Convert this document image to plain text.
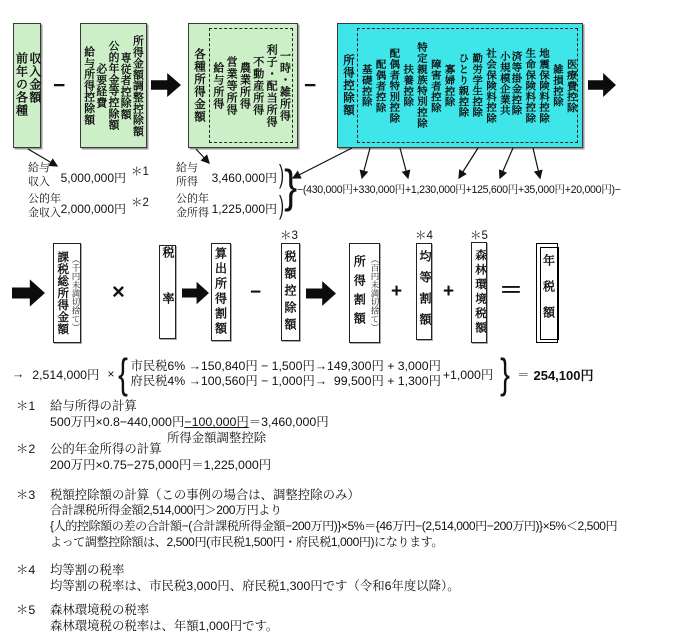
前年の各種収入金額 − 給与所得控除額 必要経費 公的年金等控除額 専従者控除額 所得金額調整控除額	各種所得金額 給与所得 営業等所得 農業所得 不動産所得 利子・配当所得 一時・雑所得 −	所得控除額 基礎控除 配偶者控除 配偶者特別控除 扶養控除 特定親族特別控除 障害者控除 寡婦控除 ひとり親控除 勤労学生控除 社会保険料控除 小規模企業共済等掛金控除 生命保険料控除 地震保険料控除 雑損控除 医療費控除
給与収入 5,000,000円 ＊1
公的年金収入 2,000,000円 ＊2
給与所得 3,460,000円 )
公的年金所得 1,225,000円 ) } −(430,000円+330,000円+1,230,000円+125,600円+35,000円+20,000円)−
課税総所得金額 （千円未満切捨て） ×	税率	算出所得割額 −
＊3
税額控除額	所得割額 （百円未満切捨て） +
＊4
均等割額 +
＊5
森林環境税額 ＝ 年税額
→ 2,514,000円 × { 市民税6% →150,840円 − 1,500円→149,300円 + 3,000円
府民税4% →100,560円 − 1,000円→  99,500円 + 1,300円 +1,000円 } ＝ 254,100円
＊1 給与所得の計算
500万円×0.8−440,000円−100,000円
所得金額調整控除
＝3,460,000円
＊2 公的年金所得の計算
200万円×0.75−275,000円＝1,225,000円
＊3 税額控除額の計算（この事例の場合は、調整控除のみ）
合計課税所得金額2,514,000円＞200万円より
{人的控除額の差の合計額−(合計課税所得金額−200万円)}×5%＝{46万円−(2,514,000円−200万円)}×5%＜2,500円
よって調整控除額は、2,500円(市民税1,500円・府民税1,000円)になります。
＊4 均等割の税率
均等割の税率は、市民税3,000円、府民税1,300円です（令和6年度以降）。
＊5 森林環境税の税率
森林環境税の税率は、年額1,000円です。
